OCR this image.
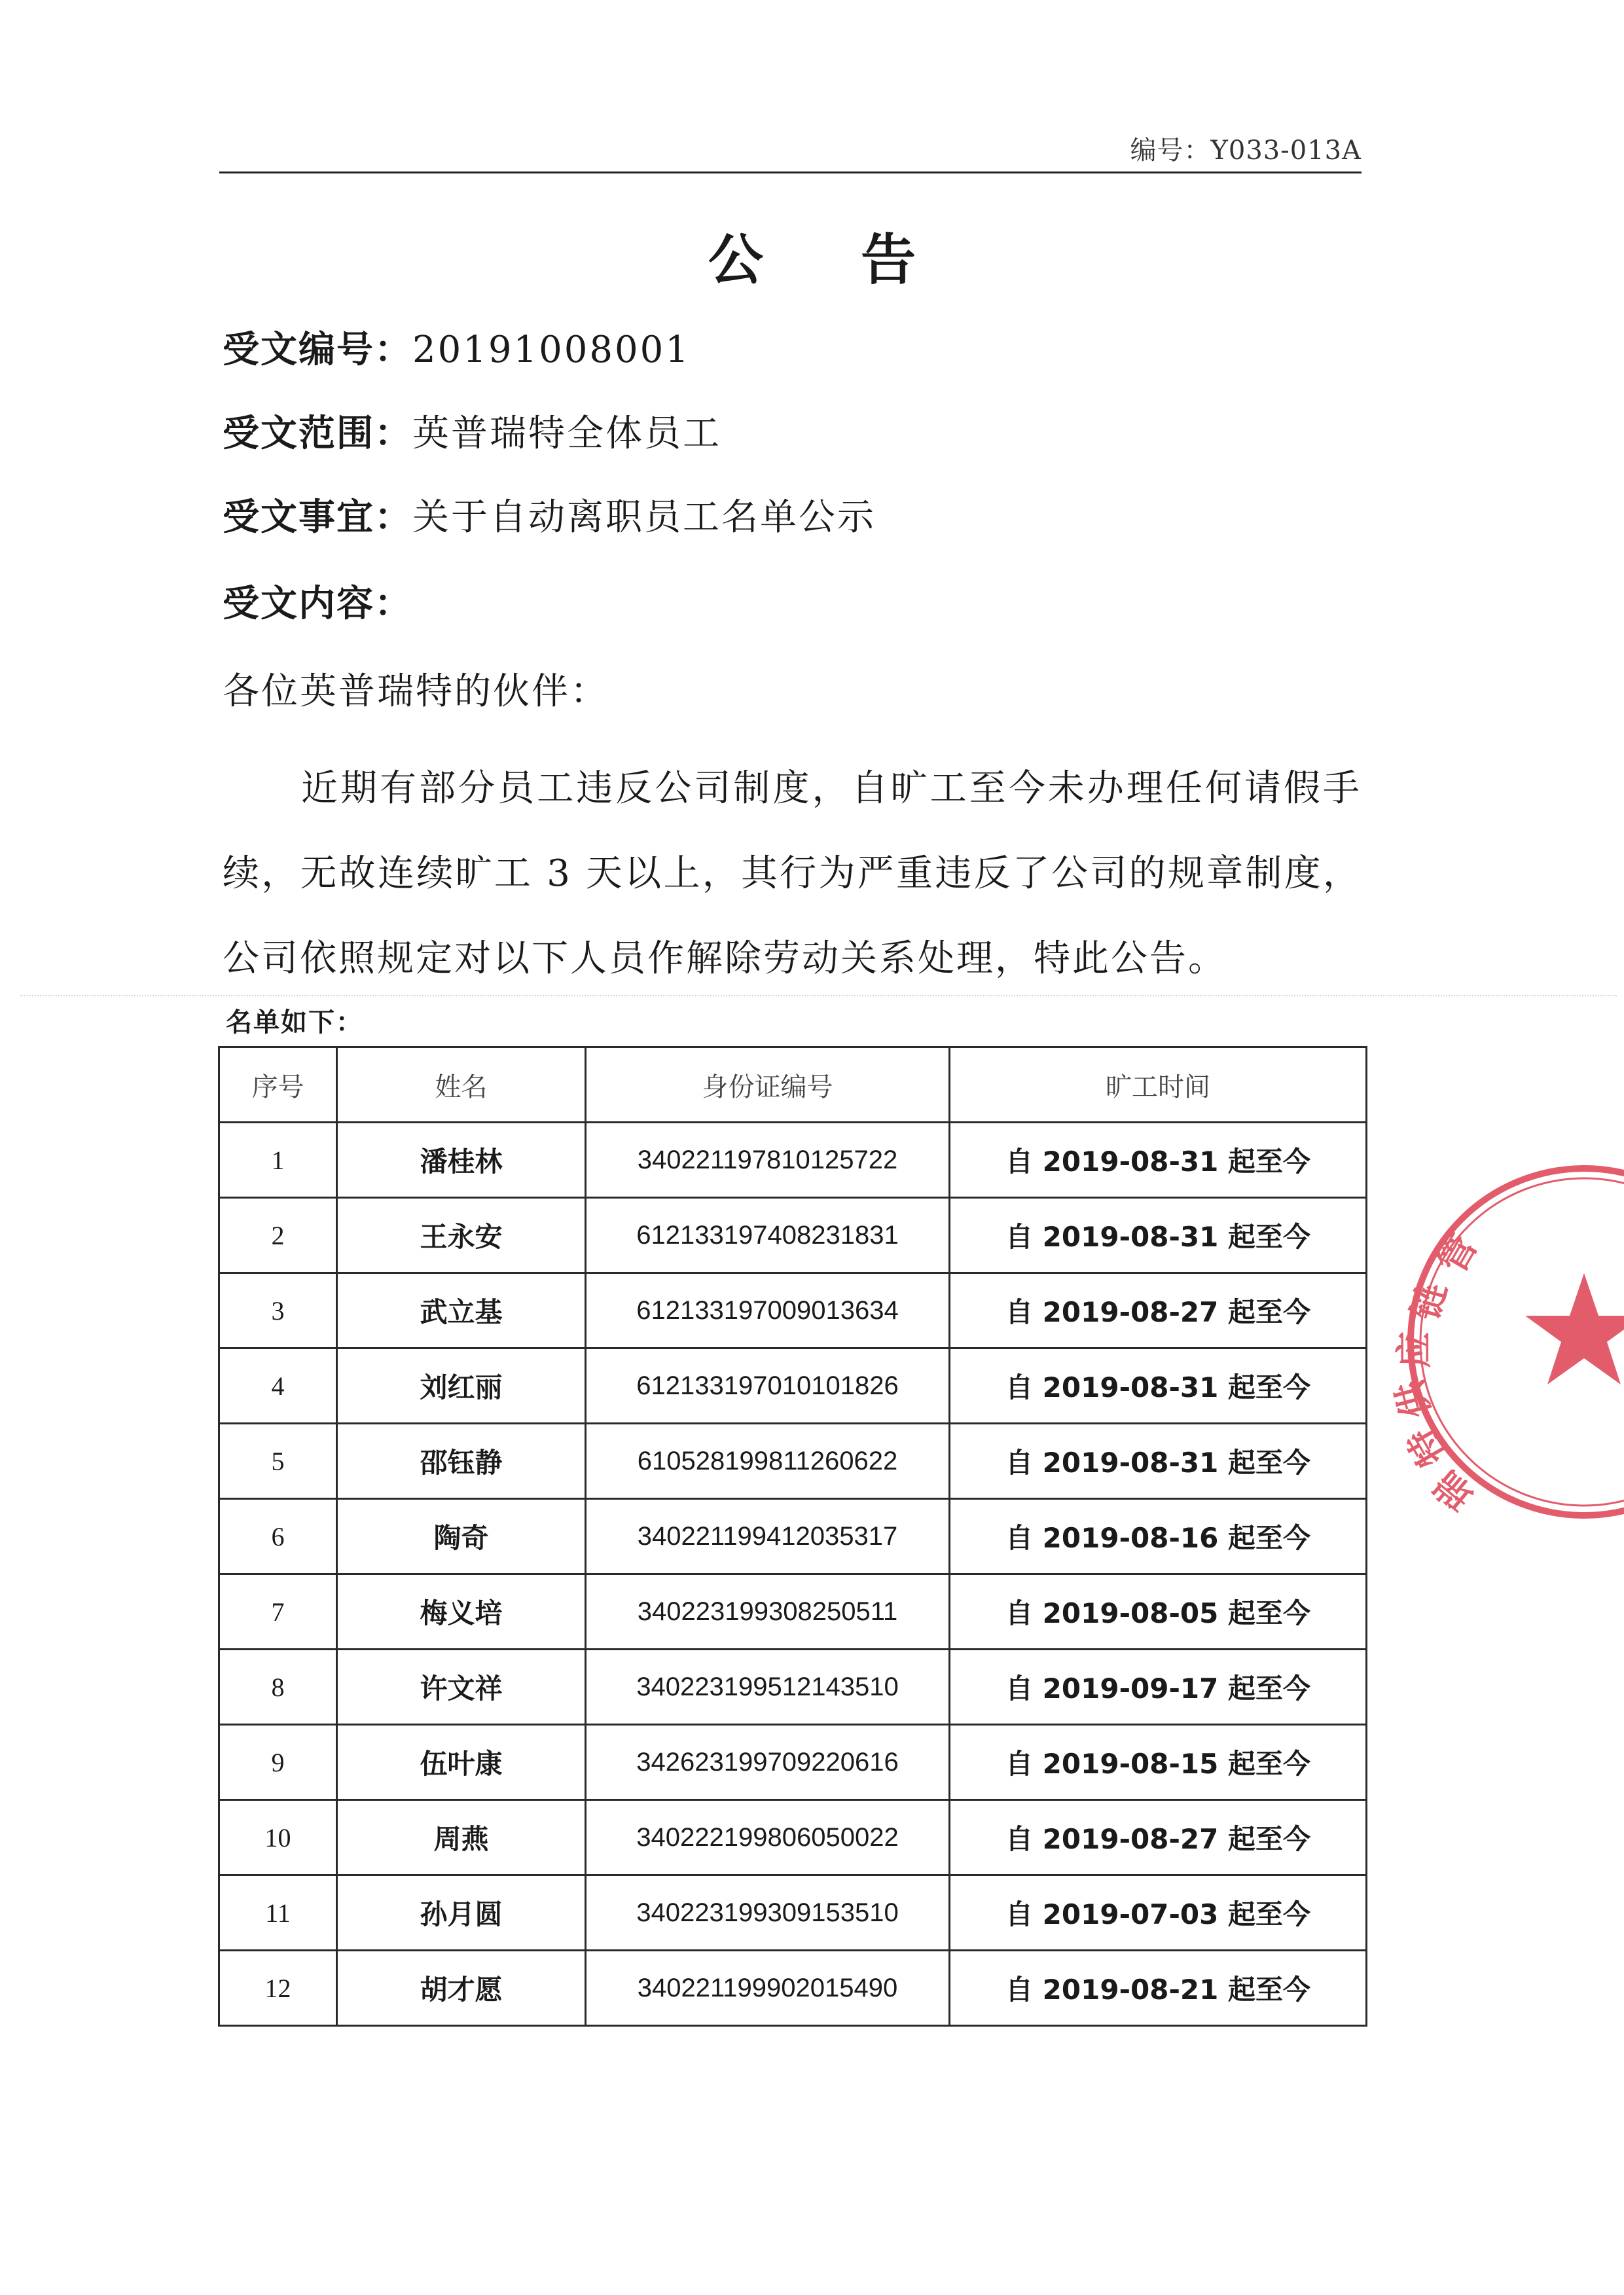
编号：Y033-013A
公 告
受文编号：20191008001
受文范围：英普瑞特全体员工
受文事宜：关于自动离职员工名单公示
受文内容：
各位英普瑞特的伙伴：
近期有部分员工违反公司制度，自旷工至今未办理任何请假手续，无故连续旷工 3 天以上，其行为严重违反了公司的规章制度，公司依照规定对以下人员作解除劳动关系处理，特此公告。
名单如下：
序号	姓名	身份证编号	旷工时间
1	潘桂林	340221197810125722	自 2019-08-31 起至今
2	王永安	612133197408231831	自 2019-08-31 起至今
3	武立基	612133197009013634	自 2019-08-27 起至今
4	刘红丽	612133197010101826	自 2019-08-31 起至今
5	邵钰静	610528199811260622	自 2019-08-31 起至今
6	陶奇	340221199412035317	自 2019-08-16 起至今
7	梅义培	340223199308250511	自 2019-08-05 起至今
8	许文祥	340223199512143510	自 2019-09-17 起至今
9	伍叶康	342623199709220616	自 2019-08-15 起至今
10	周燕	340222199806050022	自 2019-08-27 起至今
11	孙月圆	340223199309153510	自 2019-07-03 起至今
12	胡才愿	340221199902015490	自 2019-08-21 起至今
管
链
应
供
特
瑞
